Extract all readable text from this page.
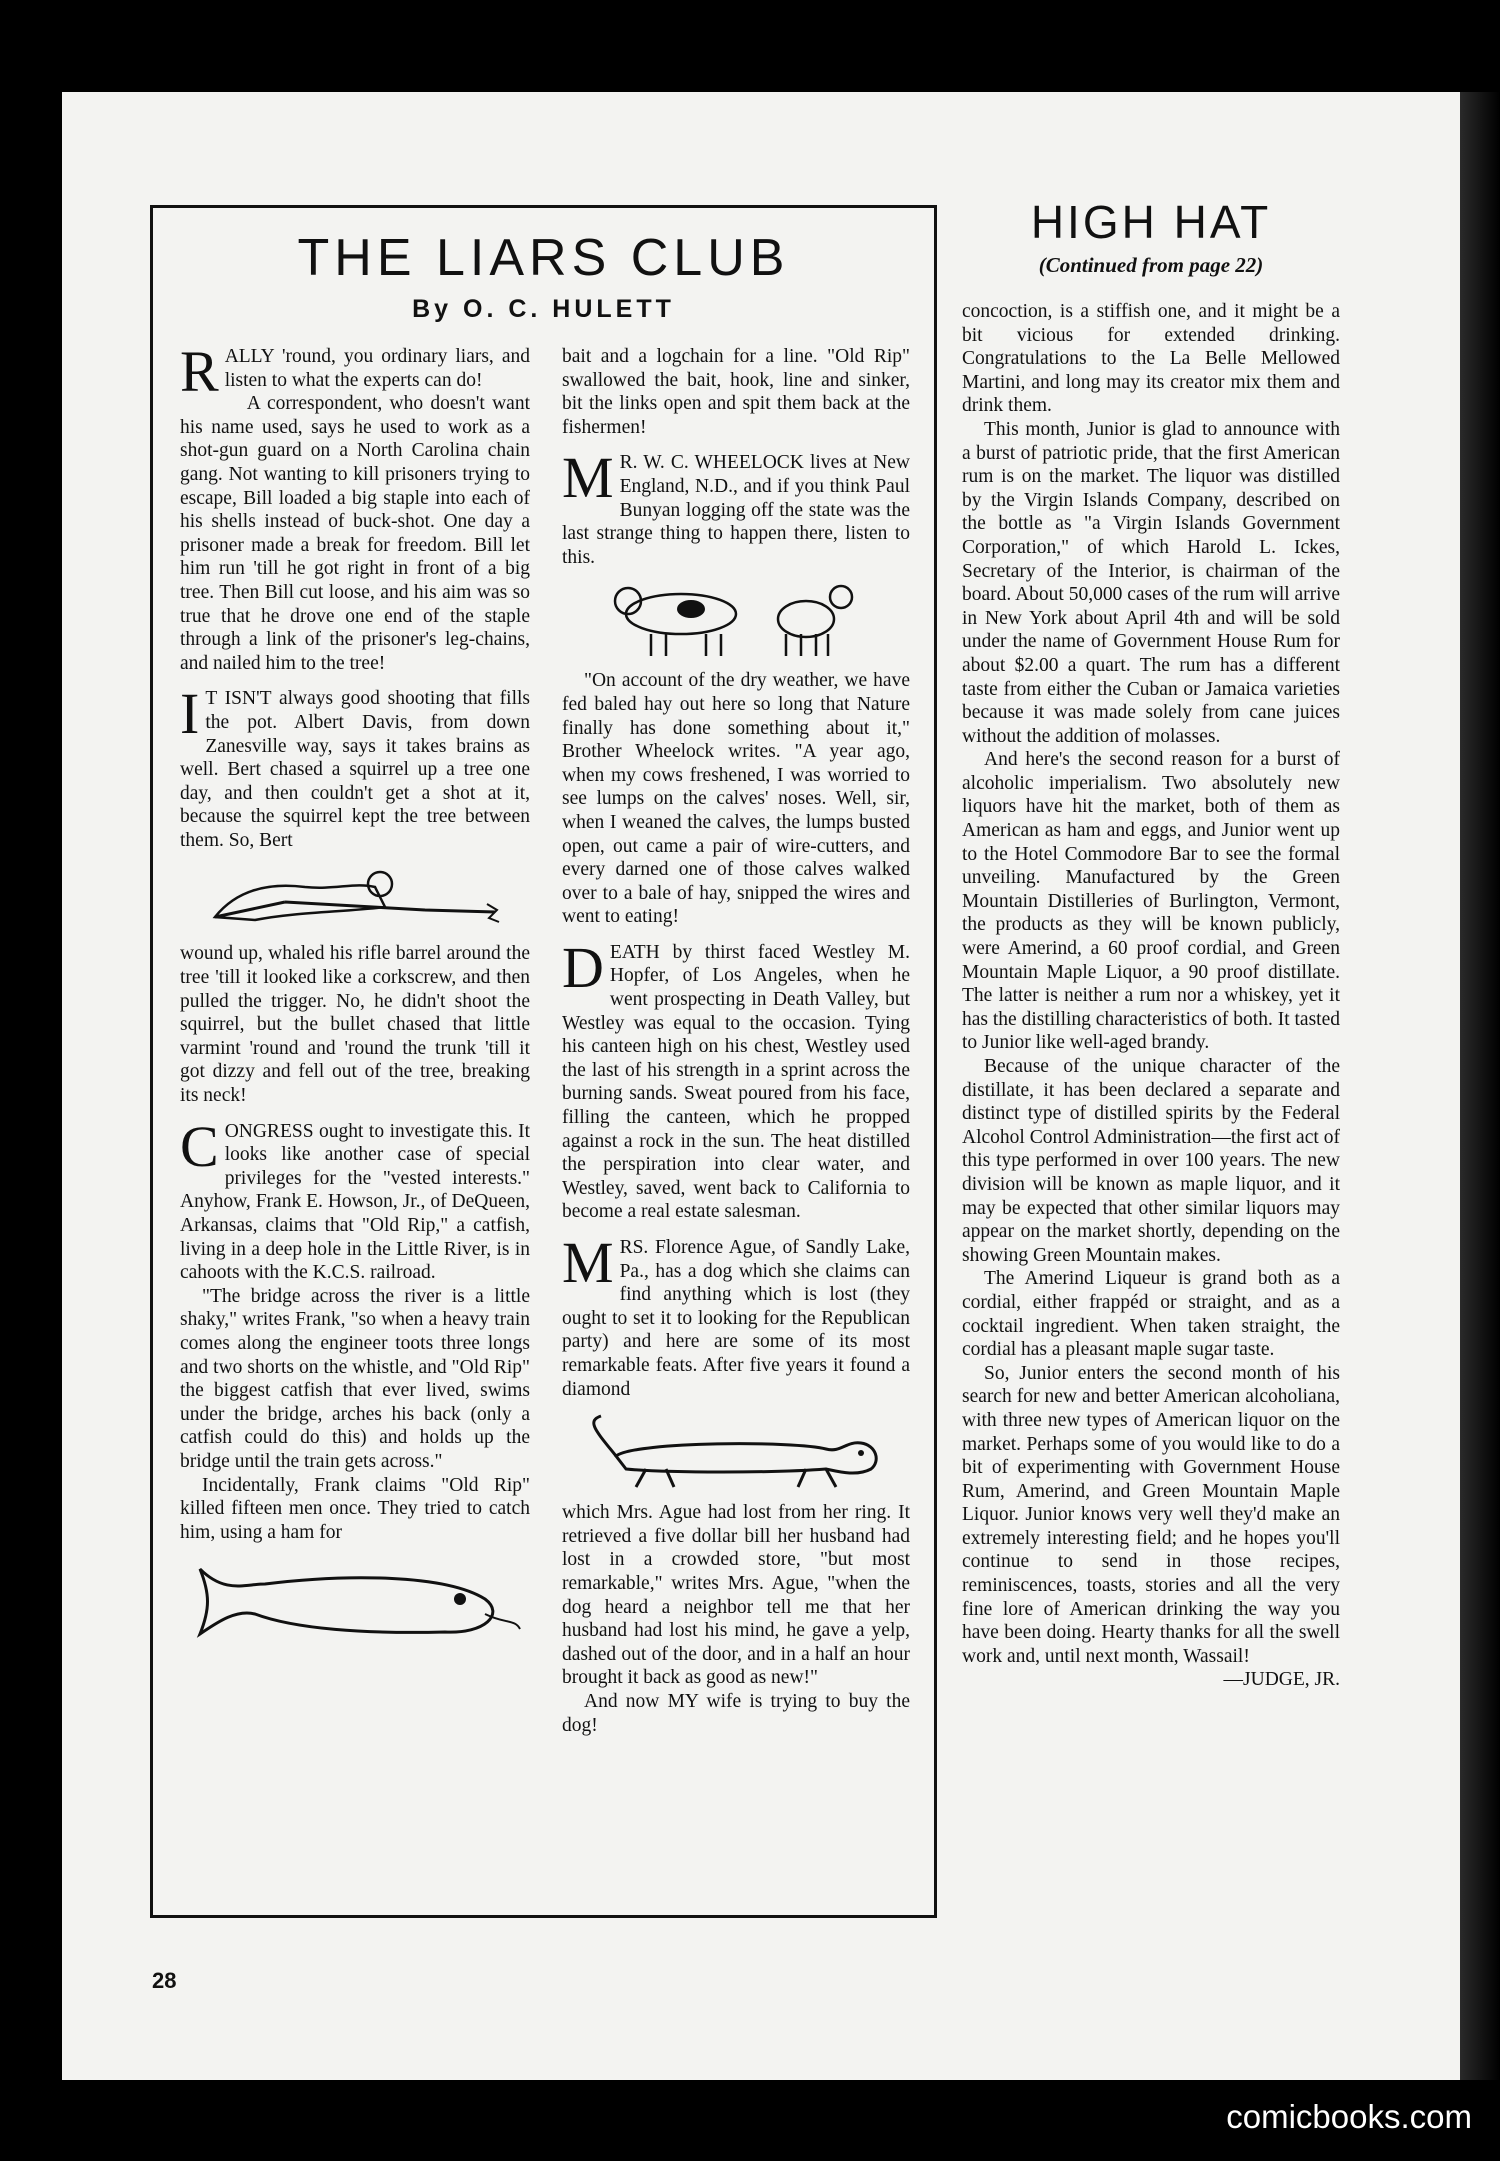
THE LIARS CLUB
By O. C. HULETT

RALLY 'round, you ordinary liars, and listen to what the experts can do!

A correspondent, who doesn't want his name used, says he used to work as a shot-gun guard on a North Carolina chain gang. Not wanting to kill prisoners trying to escape, Bill loaded a big staple into each of his shells instead of buck-shot. One day a prisoner made a break for freedom. Bill let him run 'till he got right in front of a big tree. Then Bill cut loose, and his aim was so true that he drove one end of the staple through a link of the prisoner's leg-chains, and nailed him to the tree!

I T ISN'T always good shooting that fills the pot. Albert Davis, from down Zanesville way, says it takes brains as well. Bert chased a squirrel up a tree one day, and then couldn't get a shot at it, because the squirrel kept the tree between them. So, Bert

wound up, whaled his rifle barrel around the tree 'till it looked like a corkscrew, and then pulled the trigger. No, he didn't shoot the squirrel, but the bullet chased that little varmint 'round and 'round the trunk 'till it got dizzy and fell out of the tree, breaking its neck!

CONGRESS ought to investigate this. It looks like another case of special privileges for the "vested interests." Anyhow, Frank E. Howson, Jr., of DeQueen, Arkansas, claims that "Old Rip," a catfish, living in a deep hole in the Little River, is in cahoots with the K.C.S. railroad.

"The bridge across the river is a little shaky," writes Frank, "so when a heavy train comes along the engineer toots three longs and two shorts on the whistle, and "Old Rip" the biggest catfish that ever lived, swims under the bridge, arches his back (only a catfish could do this) and holds up the bridge until the train gets across."

Incidentally, Frank claims "Old Rip" killed fifteen men once. They tried to catch him, using a ham for

bait and a logchain for a line. "Old Rip" swallowed the bait, hook, line and sinker, bit the links open and spit them back at the fishermen!

M R. W. C. WHEELOCK lives at New England, N.D., and if you think Paul Bunyan logging off the state was the last strange thing to happen there, listen to this.

"On account of the dry weather, we have fed baled hay out here so long that Nature finally has done something about it," Brother Wheelock writes. "A year ago, when my cows freshened, I was worried to see lumps on the calves' noses. Well, sir, when I weaned the calves, the lumps busted open, out came a pair of wire-cutters, and every darned one of those calves walked over to a bale of hay, snipped the wires and went to eating!

DEATH by thirst faced Westley M. Hopfer, of Los Angeles, when he went prospecting in Death Valley, but Westley was equal to the occasion. Tying his canteen high on his chest, Westley used the last of his strength in a sprint across the burning sands. Sweat poured from his face, filling the canteen, which he propped against a rock in the sun. The heat distilled the perspiration into clear water, and Westley, saved, went back to California to become a real estate salesman.

MRS. Florence Ague, of Sandly Lake, Pa., has a dog which she claims can find anything which is lost (they ought to set it to looking for the Republican party) and here are some of its most remarkable feats. After five years it found a diamond

which Mrs. Ague had lost from her ring. It retrieved a five dollar bill her husband had lost in a crowded store, "but most remarkable," writes Mrs. Ague, "when the dog heard a neighbor tell me that her husband had lost his mind, he gave a yelp, dashed out of the door, and in a half an hour brought it back as good as new!"

And now MY wife is trying to buy the dog!

HIGH HAT
(Continued from page 22)

concoction, is a stiffish one, and it might be a bit vicious for extended drinking. Congratulations to the La Belle Mellowed Martini, and long may its creator mix them and drink them.

This month, Junior is glad to announce with a burst of patriotic pride, that the first American rum is on the market. The liquor was distilled by the Virgin Islands Company, described on the bottle as "a Virgin Islands Government Corporation," of which Harold L. Ickes, Secretary of the Interior, is chairman of the board. About 50,000 cases of the rum will arrive in New York about April 4th and will be sold under the name of Government House Rum for about $2.00 a quart. The rum has a different taste from either the Cuban or Jamaica varieties because it was made solely from cane juices without the addition of molasses.

And here's the second reason for a burst of alcoholic imperialism. Two absolutely new liquors have hit the market, both of them as American as ham and eggs, and Junior went up to the Hotel Commodore Bar to see the formal unveiling. Manufactured by the Green Mountain Distilleries of Burlington, Vermont, the products as they will be known publicly, were Amerind, a 60 proof cordial, and Green Mountain Maple Liquor, a 90 proof distillate. The latter is neither a rum nor a whiskey, yet it has the distilling characteristics of both. It tasted to Junior like well-aged brandy.

Because of the unique character of the distillate, it has been declared a separate and distinct type of distilled spirits by the Federal Alcohol Control Administration—the first act of this type performed in over 100 years. The new division will be known as maple liquor, and it may be expected that other similar liquors may appear on the market shortly, depending on the showing Green Mountain makes.

The Amerind Liqueur is grand both as a cordial, either frappéd or straight, and as a cocktail ingredient. When taken straight, the cordial has a pleasant maple sugar taste.

So, Junior enters the second month of his search for new and better American alcoholiana, with three new types of American liquor on the market. Perhaps some of you would like to do a bit of experimenting with Government House Rum, Amerind, and Green Mountain Maple Liquor. Junior knows very well they'd make an extremely interesting field; and he hopes you'll continue to send in those recipes, reminiscences, toasts, stories and all the very fine lore of American drinking the way you have been doing. Hearty thanks for all the swell work and, until next month, Wassail!

—JUDGE, JR.
28
comicbooks.com
